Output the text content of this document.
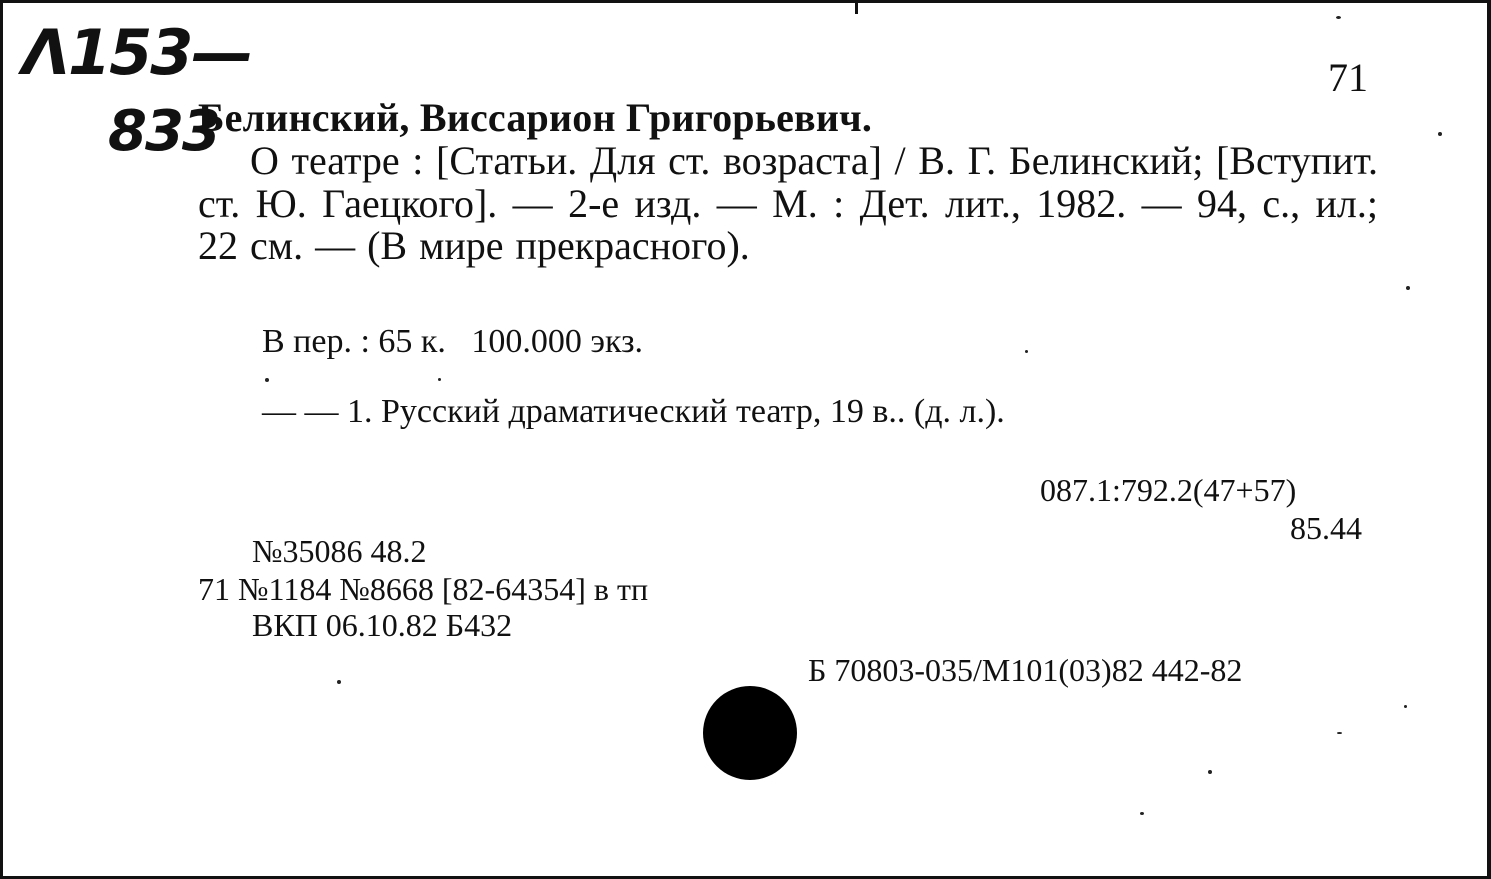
Λ153—
833
71
Белинский, Виссарион Григорьевич.
О театре : [Статьи. Для ст. возраста] / В. Г. Белинский; [Вступит. ст. Ю. Гаецкого]. — 2-е изд. — М. : Дет. лит., 1982. — 94, с., ил.; 22 см. — (В мире прекрасного).
В пер. : 65 к.   100.000 экз.
— — 1. Русский драматический театр, 19 в.. (д. л.).
087.1:792.2(47+57)
85.44
№35086 48.2
71 №1184 №8668 [82-64354] в тп
ВКП 06.10.82 Б432
Б 70803-035/М101(03)82 442-82
